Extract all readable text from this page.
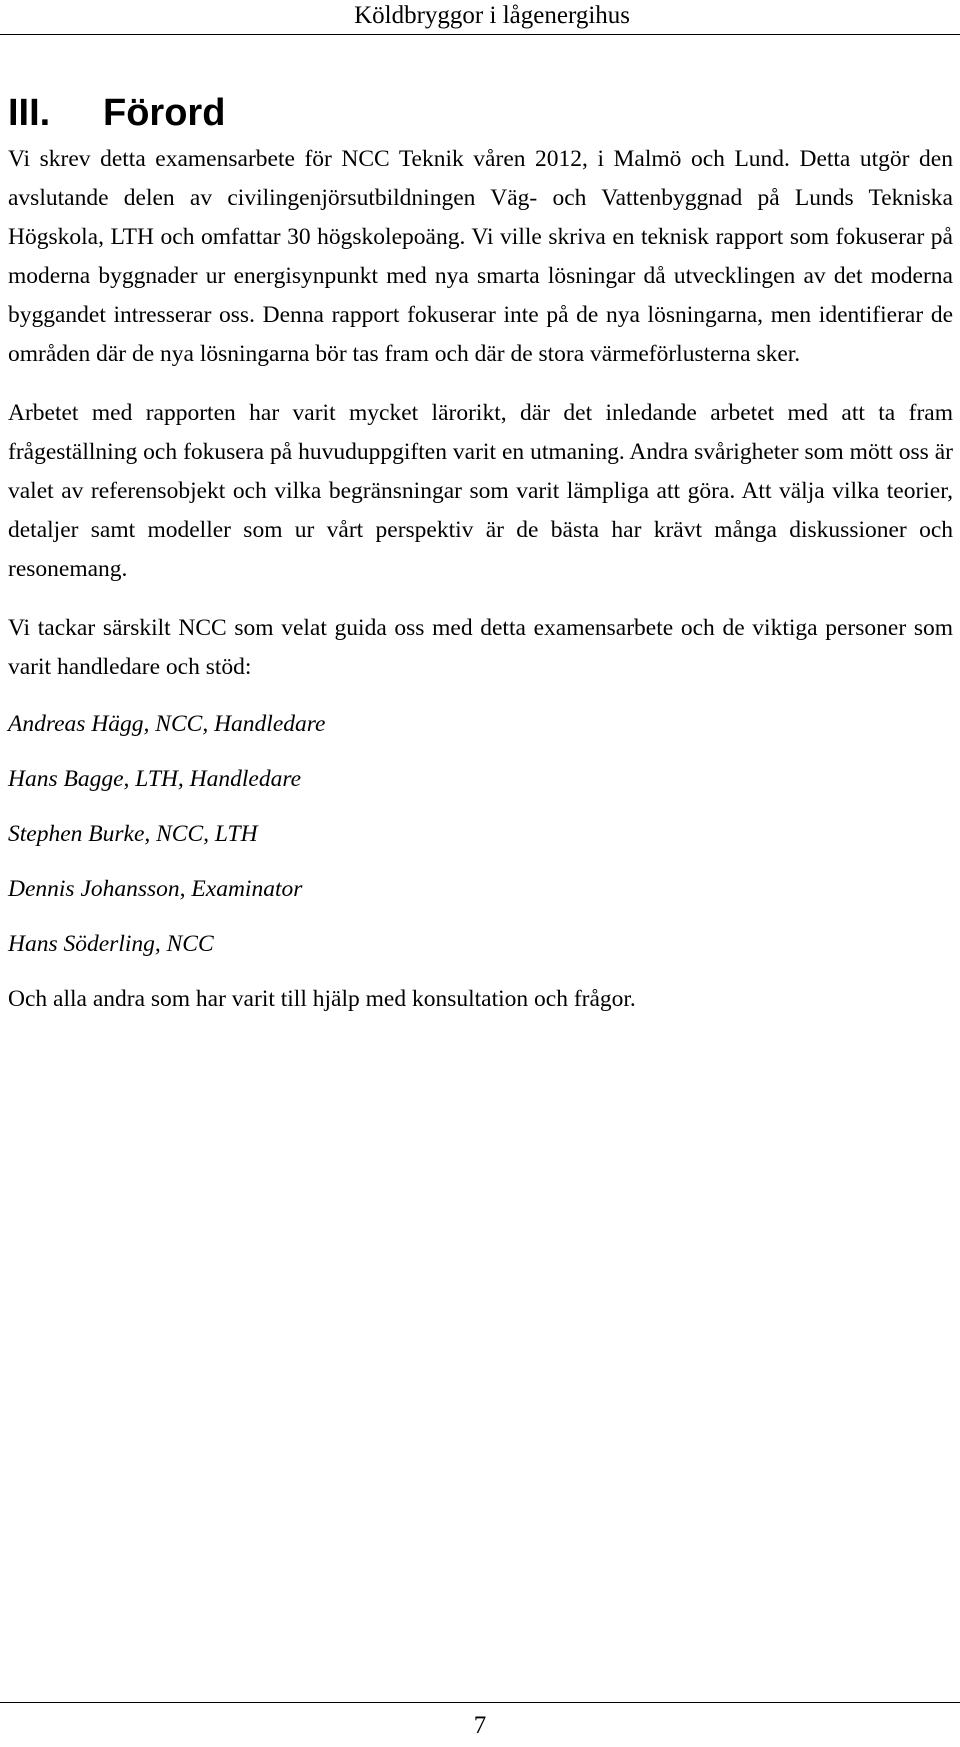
Köldbryggor i lågenergihus
III. Förord

Vi skrev detta examensarbete för NCC Teknik våren 2012, i Malmö och Lund. Detta utgör den avslutande delen av civilingenjörsutbildningen Väg- och Vattenbyggnad på Lunds Tekniska Högskola, LTH och omfattar 30 högskolepoäng. Vi ville skriva en teknisk rapport som fokuserar på moderna byggnader ur energisynpunkt med nya smarta lösningar då utvecklingen av det moderna byggandet intresserar oss. Denna rapport fokuserar inte på de nya lösningarna, men identifierar de områden där de nya lösningarna bör tas fram och där de stora värmeförlusterna sker.

Arbetet med rapporten har varit mycket lärorikt, där det inledande arbetet med att ta fram frågeställning och fokusera på huvuduppgiften varit en utmaning. Andra svårigheter som mött oss är valet av referensobjekt och vilka begränsningar som varit lämpliga att göra. Att välja vilka teorier, detaljer samt modeller som ur vårt perspektiv är de bästa har krävt många diskussioner och resonemang.

Vi tackar särskilt NCC som velat guida oss med detta examensarbete och de viktiga personer som varit handledare och stöd:

Andreas Hägg, NCC, Handledare
Hans Bagge, LTH, Handledare
Stephen Burke, NCC, LTH
Dennis Johansson, Examinator
Hans Söderling, NCC

Och alla andra som har varit till hjälp med konsultation och frågor.

7
